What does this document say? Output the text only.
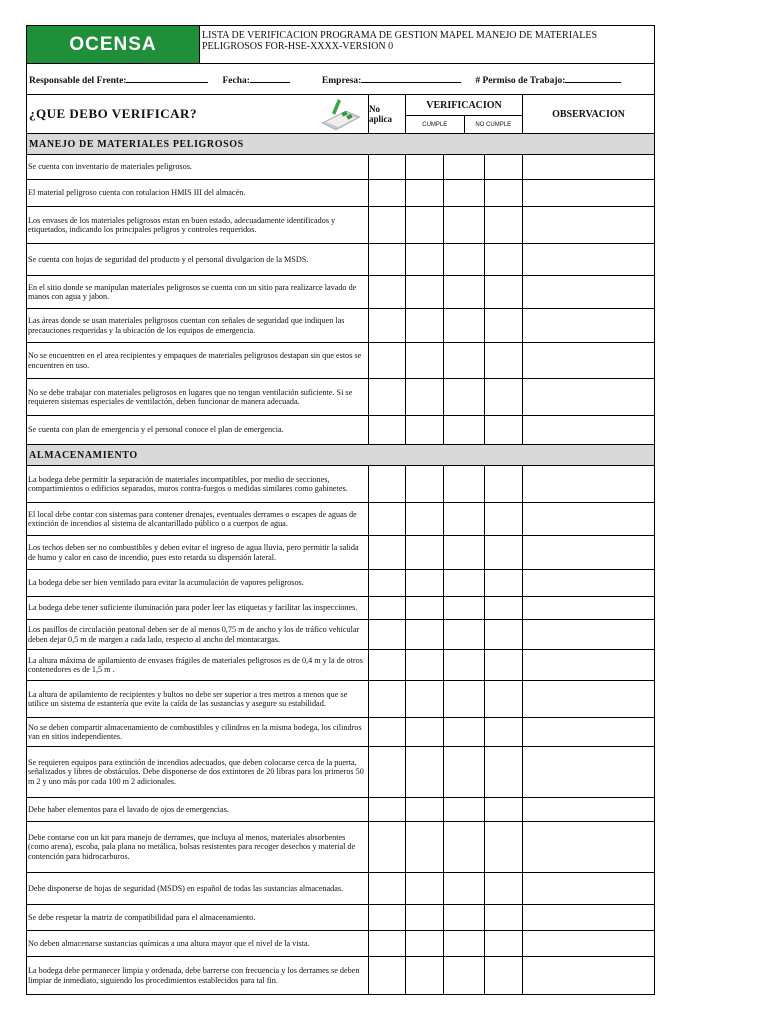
OCENSA	LISTA DE VERIFICACION PROGRAMA DE GESTION MAPEL MANEJO DE MATERIALES PELIGROSOS FOR-HSE-XXXX-VERSION 0
Responsable del Frente:	Fecha:	Empresa:	# Permiso de Trabajo:
¿QUE DEBO VERIFICAR?	No aplica
VERIFICACION
CUMPLE	NO CUMPLE
OBSERVACION
MANEJO DE MATERIALES PELIGROSOS
Se cuenta con inventario de materiales peligrosos.
El material peligroso cuenta con rotulacion HMIS III del almacén.
Los envases de los materiales peligrosos estan en buen estado, adecuadamente identificados y etiquetados, indicando los principales peligros y controles requeridos.
Se cuenta con hojas de seguridad del producto y el personal divulgacion de la MSDS.
En el sitio donde se manipulan materiales peligrosos se cuenta con un sitio para realizarce lavado de manos con agua y jabon.
Las áreas donde se usan materiales peligrosos cuentan con señales de seguridad que indiquen las precauciones requeridas y la ubicación de los equipos de emergencia.
No se encuentren en el area recipientes y empaques de materiales peligrosos destapan sin que estos se encuentren en uso.
No se debe trabajar con materiales peligrosos en lugares que no tengan ventilación suficiente. Si se requieren sistemas especiales de ventilación, deben funcionar de manera adecuada.
Se cuenta con plan de emergencia y el personal conoce el plan de emergencia.
ALMACENAMIENTO
La bodega debe permitir la separación de materiales incompatibles, por medio de secciones, compartimientos o edificios separados, muros contra-fuegos o medidas similares como gabinetes.
El local debe contar con sistemas para contener drenajes, eventuales derrames o escapes de aguas de extinción de incendios al sistema de alcantarillado público o a cuerpos de agua.
Los techos deben ser no combustibles y deben evitar el ingreso de agua lluvia, pero permitir la salida de humo y calor en caso de incendio, pues esto retarda su dispersión lateral.
La bodega debe ser bien ventilado para evitar la acumulación de vapores peligrosos.
La bodega debe tener suficiente iluminación para poder leer las etiquetas y facilitar las inspecciones.
Los pasillos de circulación peatonal deben ser de al menos 0,75 m de ancho y los de tráfico vehicular deben dejar 0,5 m de margen a cada lado, respecto al ancho del montacargas.
La altura máxima de apilamiento de envases frágiles de materiales peligrosos es de 0,4 m y la de otros contenedores es de 1,5 m .
La altura de apilamiento de recipientes y bultos no debe ser superior a tres metros a menos que se utilice un sistema de estantería que evite la caída de las sustancias y asegure su estabilidad.
No se deben compartir almacenamiento de combustibles y cilindros en la misma bodega, los cilindros van en sitios independientes.
Se requieren equipos para extinción de incendios adecuados, que deben colocarse cerca de la puerta, señalizados y libres de obstáculos. Debe disponerse de dos extintores de 20 libras para los primeros 50 m 2 y uno más por cada 100 m 2 adicionales.
Debe haber elementos para el lavado de ojos de emergencias.
Debe contarse con un kit para manejo de derrames, que incluya al menos, materiales absorbentes (como arena), escoba, pala plana no metálica, bolsas resistentes para recoger desechos y material de contención para hidrocarburos.
Debe disponerse de hojas de seguridad (MSDS) en español de todas las sustancias almacenadas.
Se debe respetar la matriz de compatibilidad para el almacenamiento.
No deben almacenarse sustancias químicas a una altura mayor que el nivel de la vista.
La bodega debe permanecer limpia y ordenada, debe barrerse con frecuencia y los derrames se deben limpiar de inmediato, siguiendo los procedimientos establecidos para tal fin.
